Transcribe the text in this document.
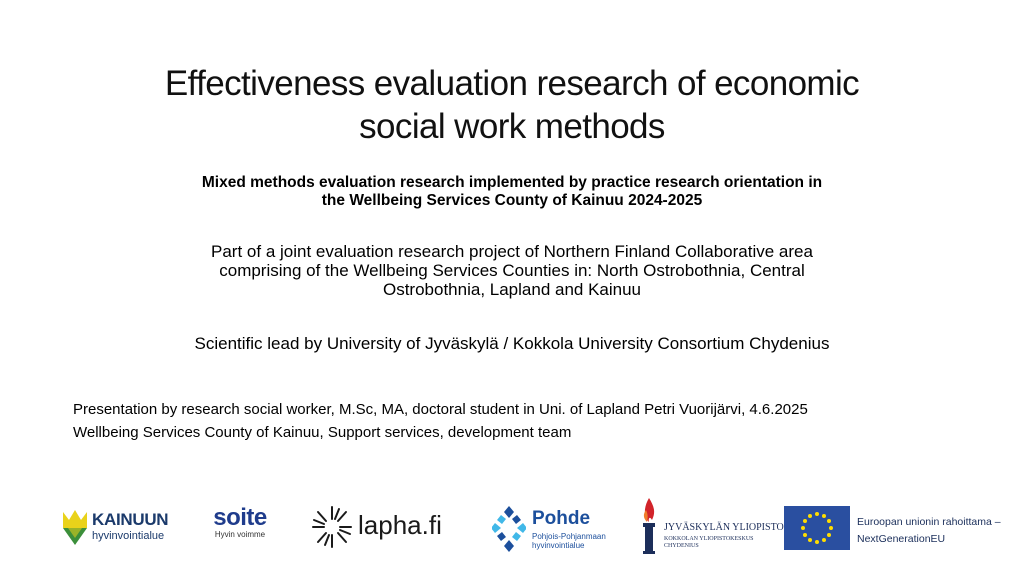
Effectiveness evaluation research of economic
social work methods
Mixed methods evaluation research implemented by practice research orientation in
the Wellbeing Services County of Kainuu 2024-2025
Part of a joint evaluation research project of Northern Finland Collaborative area
comprising of the Wellbeing Services Counties in: North Ostrobothnia, Central
Ostrobothnia, Lapland and Kainuu
Scientific lead by University of Jyväskylä / Kokkola University Consortium Chydenius
Presentation by research social worker, M.Sc, MA, doctoral student in Uni. of Lapland Petri Vuorijärvi, 4.6.2025
Wellbeing Services County of Kainuu, Support services, development team
KAINUUN
hyvinvointialue
soite
Hyvin voimme	lapha.fi	Pohde
Pohjois-Pohjanmaan
hyvinvointialue
JYVÄSKYLÄN YLIOPISTO
KOKKOLAN YLIOPISTOKESKUS
CHYDENIUS
Euroopan unionin rahoittama –
NextGenerationEU
